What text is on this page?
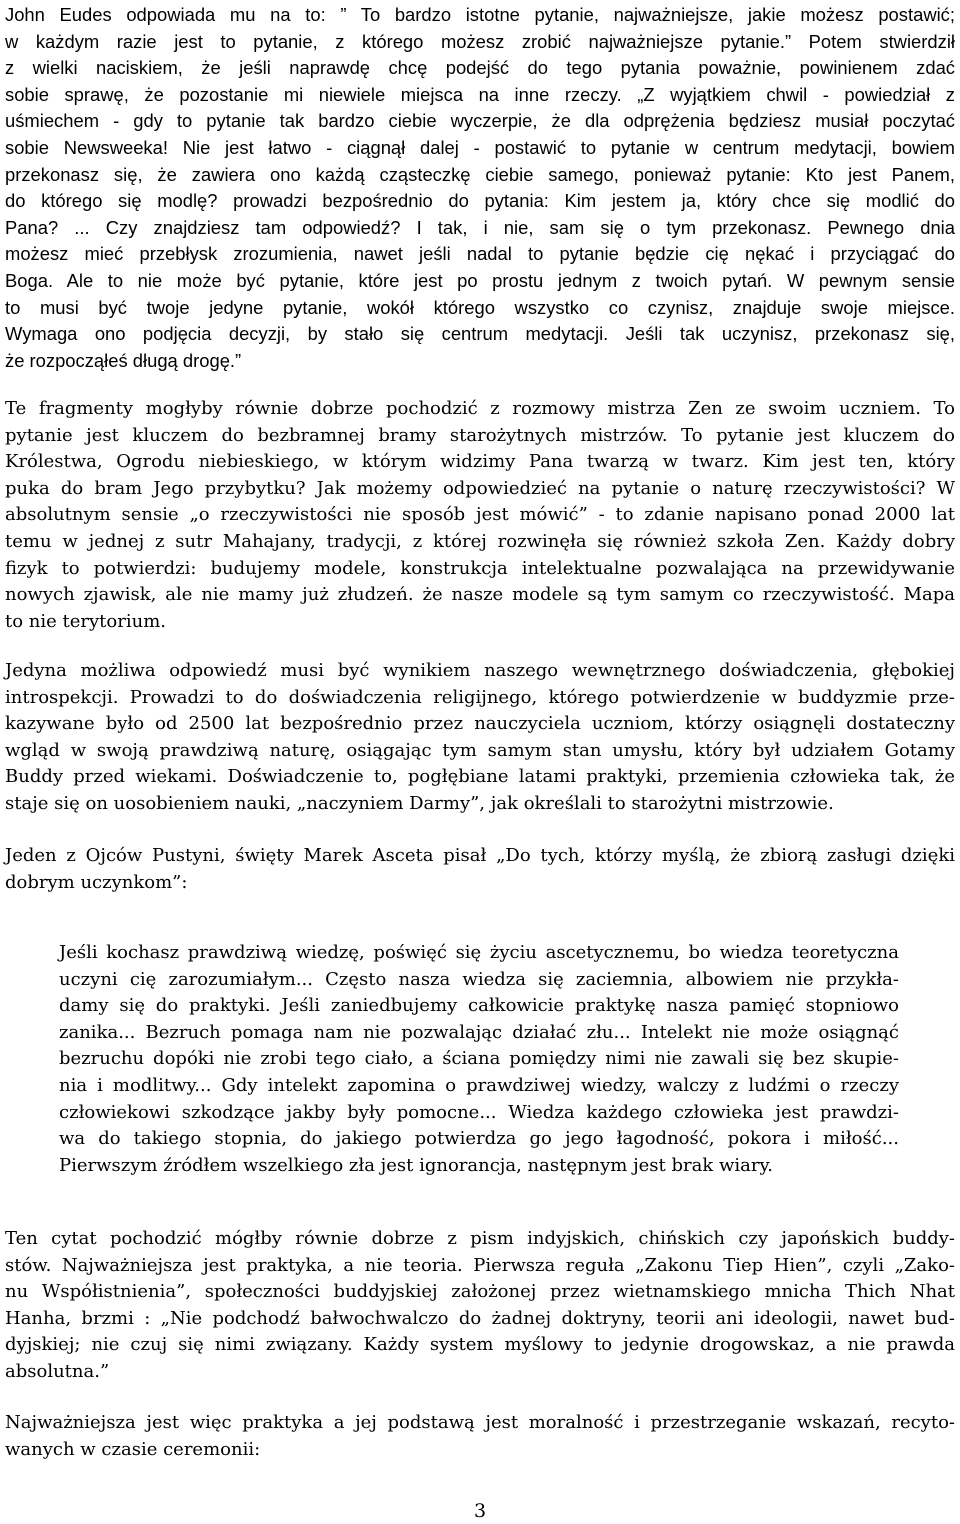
John Eudes odpowiada mu na to: ” To bardzo istotne pytanie, najważniejsze, jakie możesz postawić;
w każdym razie jest to pytanie, z którego możesz zrobić najważniejsze pytanie.” Potem stwierdził
z wielki naciskiem, że jeśli naprawdę chcę podejść do tego pytania poważnie, powinienem zdać
sobie sprawę, że pozostanie mi niewiele miejsca na inne rzeczy. „Z wyjątkiem chwil - powiedział z
uśmiechem - gdy to pytanie tak bardzo ciebie wyczerpie, że dla odprężenia będziesz musiał poczytać
sobie Newsweeka! Nie jest łatwo - ciągnął dalej - postawić to pytanie w centrum medytacji, bowiem
przekonasz się, że zawiera ono każdą cząsteczkę ciebie samego, ponieważ pytanie: Kto jest Panem,
do którego się modlę? prowadzi bezpośrednio do pytania: Kim jestem ja, który chce się modlić do
Pana? ... Czy znajdziesz tam odpowiedź? I tak, i nie, sam się o tym przekonasz. Pewnego dnia
możesz mieć przebłysk zrozumienia, nawet jeśli nadal to pytanie będzie cię nękać i przyciągać do
Boga. Ale to nie może być pytanie, które jest po prostu jednym z twoich pytań. W pewnym sensie
to musi być twoje jedyne pytanie, wokół którego wszystko co czynisz, znajduje swoje miejsce.
Wymaga ono podjęcia decyzji, by stało się centrum medytacji. Jeśli tak uczynisz, przekonasz się,
że rozpocząłeś długą drogę.”
Te fragmenty mogłyby równie dobrze pochodzić z rozmowy mistrza Zen ze swoim uczniem. To
pytanie jest kluczem do bezbramnej bramy starożytnych mistrzów. To pytanie jest kluczem do
Królestwa, Ogrodu niebieskiego, w którym widzimy Pana twarzą w twarz. Kim jest ten, który
puka do bram Jego przybytku? Jak możemy odpowiedzieć na pytanie o naturę rzeczywistości? W
absolutnym sensie „o rzeczywistości nie sposób jest mówić” - to zdanie napisano ponad 2000 lat
temu w jednej z sutr Mahajany, tradycji, z której rozwinęła się również szkoła Zen. Każdy dobry
fizyk to potwierdzi: budujemy modele, konstrukcja intelektualne pozwalająca na przewidywanie
nowych zjawisk, ale nie mamy już złudzeń. że nasze modele są tym samym co rzeczywistość. Mapa
to nie terytorium.
Jedyna możliwa odpowiedź musi być wynikiem naszego wewnętrznego doświadczenia, głębokiej
introspekcji. Prowadzi to do doświadczenia religijnego, którego potwierdzenie w buddyzmie prze-
kazywane było od 2500 lat bezpośrednio przez nauczyciela uczniom, którzy osiągnęli dostateczny
wgląd w swoją prawdziwą naturę, osiągając tym samym stan umysłu, który był udziałem Gotamy
Buddy przed wiekami. Doświadczenie to, pogłębiane latami praktyki, przemienia człowieka tak, że
staje się on uosobieniem nauki, „naczyniem Darmy”, jak określali to starożytni mistrzowie.
Jeden z Ojców Pustyni, święty Marek Asceta pisał „Do tych, którzy myślą, że zbiorą zasługi dzięki
dobrym uczynkom”:
Jeśli kochasz prawdziwą wiedzę, poświęć się życiu ascetycznemu, bo wiedza teoretyczna
uczyni cię zarozumiałym... Często nasza wiedza się zaciemnia, albowiem nie przykła-
damy się do praktyki. Jeśli zaniedbujemy całkowicie praktykę nasza pamięć stopniowo
zanika... Bezruch pomaga nam nie pozwalając działać złu... Intelekt nie może osiągnąć
bezruchu dopóki nie zrobi tego ciało, a ściana pomiędzy nimi nie zawali się bez skupie-
nia i modlitwy... Gdy intelekt zapomina o prawdziwej wiedzy, walczy z ludźmi o rzeczy
człowiekowi szkodzące jakby były pomocne... Wiedza każdego człowieka jest prawdzi-
wa do takiego stopnia, do jakiego potwierdza go jego łagodność, pokora i miłość...
Pierwszym źródłem wszelkiego zła jest ignorancja, następnym jest brak wiary.
Ten cytat pochodzić mógłby równie dobrze z pism indyjskich, chińskich czy japońskich buddy-
stów. Najważniejsza jest praktyka, a nie teoria. Pierwsza reguła „Zakonu Tiep Hien”, czyli „Zako-
nu Współistnienia”, społeczności buddyjskiej założonej przez wietnamskiego mnicha Thich Nhat
Hanha, brzmi : „Nie podchodź bałwochwalczo do żadnej doktryny, teorii ani ideologii, nawet bud-
dyjskiej; nie czuj się nimi związany. Każdy system myślowy to jedynie drogowskaz, a nie prawda
absolutna.”
Najważniejsza jest więc praktyka a jej podstawą jest moralność i przestrzeganie wskazań, recyto-
wanych w czasie ceremonii:
3
